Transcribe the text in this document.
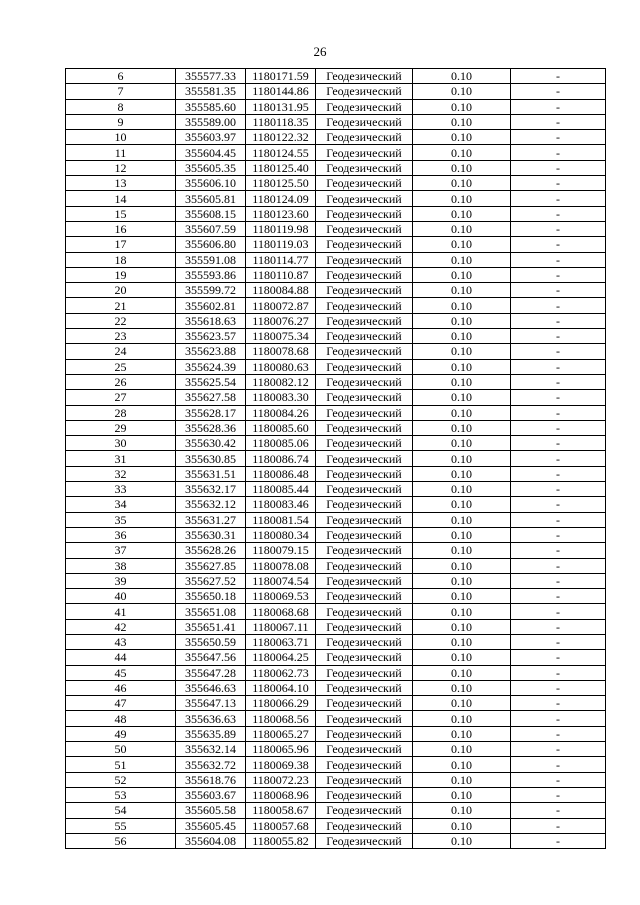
26
6	355577.33	1180171.59	Геодезический	0.10	-
7	355581.35	1180144.86	Геодезический	0.10	-
8	355585.60	1180131.95	Геодезический	0.10	-
9	355589.00	1180118.35	Геодезический	0.10	-
10	355603.97	1180122.32	Геодезический	0.10	-
11	355604.45	1180124.55	Геодезический	0.10	-
12	355605.35	1180125.40	Геодезический	0.10	-
13	355606.10	1180125.50	Геодезический	0.10	-
14	355605.81	1180124.09	Геодезический	0.10	-
15	355608.15	1180123.60	Геодезический	0.10	-
16	355607.59	1180119.98	Геодезический	0.10	-
17	355606.80	1180119.03	Геодезический	0.10	-
18	355591.08	1180114.77	Геодезический	0.10	-
19	355593.86	1180110.87	Геодезический	0.10	-
20	355599.72	1180084.88	Геодезический	0.10	-
21	355602.81	1180072.87	Геодезический	0.10	-
22	355618.63	1180076.27	Геодезический	0.10	-
23	355623.57	1180075.34	Геодезический	0.10	-
24	355623.88	1180078.68	Геодезический	0.10	-
25	355624.39	1180080.63	Геодезический	0.10	-
26	355625.54	1180082.12	Геодезический	0.10	-
27	355627.58	1180083.30	Геодезический	0.10	-
28	355628.17	1180084.26	Геодезический	0.10	-
29	355628.36	1180085.60	Геодезический	0.10	-
30	355630.42	1180085.06	Геодезический	0.10	-
31	355630.85	1180086.74	Геодезический	0.10	-
32	355631.51	1180086.48	Геодезический	0.10	-
33	355632.17	1180085.44	Геодезический	0.10	-
34	355632.12	1180083.46	Геодезический	0.10	-
35	355631.27	1180081.54	Геодезический	0.10	-
36	355630.31	1180080.34	Геодезический	0.10	-
37	355628.26	1180079.15	Геодезический	0.10	-
38	355627.85	1180078.08	Геодезический	0.10	-
39	355627.52	1180074.54	Геодезический	0.10	-
40	355650.18	1180069.53	Геодезический	0.10	-
41	355651.08	1180068.68	Геодезический	0.10	-
42	355651.41	1180067.11	Геодезический	0.10	-
43	355650.59	1180063.71	Геодезический	0.10	-
44	355647.56	1180064.25	Геодезический	0.10	-
45	355647.28	1180062.73	Геодезический	0.10	-
46	355646.63	1180064.10	Геодезический	0.10	-
47	355647.13	1180066.29	Геодезический	0.10	-
48	355636.63	1180068.56	Геодезический	0.10	-
49	355635.89	1180065.27	Геодезический	0.10	-
50	355632.14	1180065.96	Геодезический	0.10	-
51	355632.72	1180069.38	Геодезический	0.10	-
52	355618.76	1180072.23	Геодезический	0.10	-
53	355603.67	1180068.96	Геодезический	0.10	-
54	355605.58	1180058.67	Геодезический	0.10	-
55	355605.45	1180057.68	Геодезический	0.10	-
56	355604.08	1180055.82	Геодезический	0.10	-
